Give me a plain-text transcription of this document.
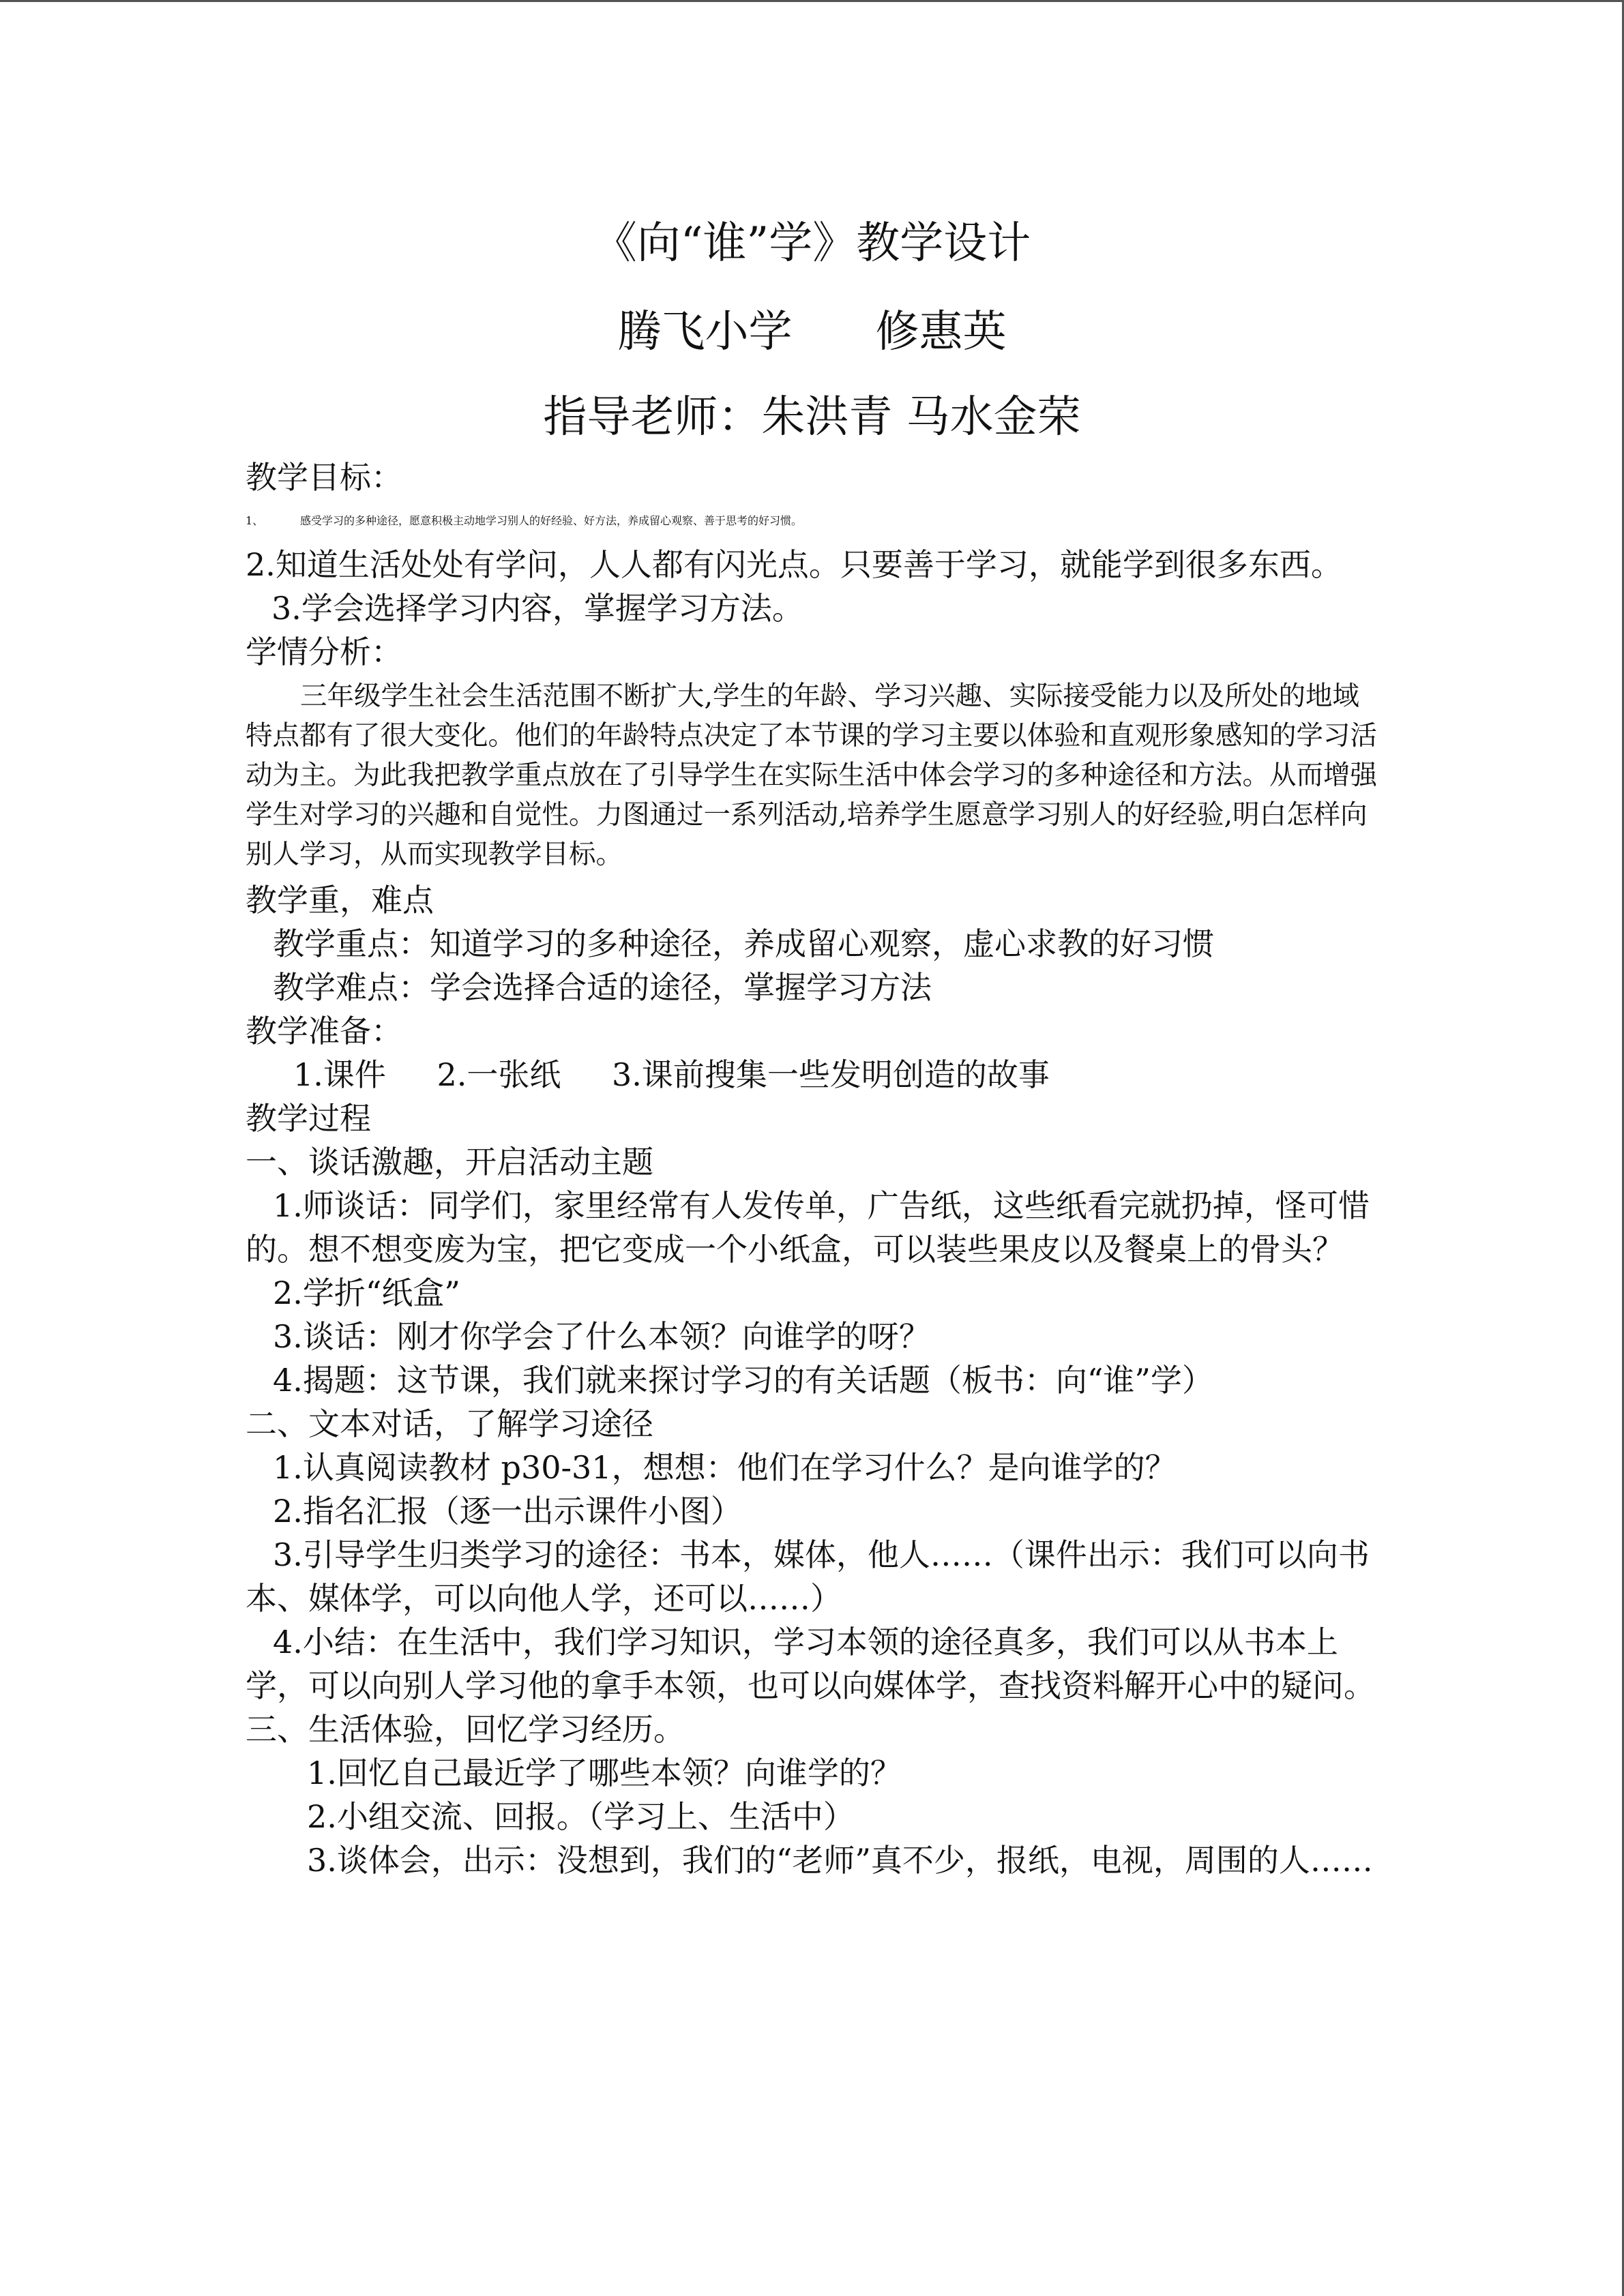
《向“谁”学》教学设计
腾飞小学      修惠英
指导老师：朱洪青 马水金荣
教学目标：
1、	感受学习的多种途径，愿意积极主动地学习别人的好经验、好方法，养成留心观察、善于思考的好习惯。
2.知道生活处处有学问，人人都有闪光点。只要善于学习，就能学到很多东西。
3.学会选择学习内容，掌握学习方法。
学情分析：
三年级学生社会生活范围不断扩大,学生的年龄、学习兴趣、实际接受能力以及所处的地域特点都有了很大变化。他们的年龄特点决定了本节课的学习主要以体验和直观形象感知的学习活动为主。为此我把教学重点放在了引导学生在实际生活中体会学习的多种途径和方法。从而增强学生对学习的兴趣和自觉性。力图通过一系列活动,培养学生愿意学习别人的好经验,明白怎样向别人学习，从而实现教学目标。
教学重，难点
教学重点：知道学习的多种途径，养成留心观察，虚心求教的好习惯
教学难点：学会选择合适的途径，掌握学习方法
教学准备：
1.课件 2.一张纸 3.课前搜集一些发明创造的故事
教学过程
一、谈话激趣，开启活动主题
1.师谈话：同学们，家里经常有人发传单，广告纸，这些纸看完就扔掉，怪可惜的。想不想变废为宝，把它变成一个小纸盒，可以装些果皮以及餐桌上的骨头？
2.学折“纸盒”
3.谈话：刚才你学会了什么本领？向谁学的呀？
4.揭题：这节课，我们就来探讨学习的有关话题（板书：向“谁”学）
二、文本对话，了解学习途径
1.认真阅读教材 p30-31，想想：他们在学习什么？是向谁学的？
2.指名汇报（逐一出示课件小图）
3.引导学生归类学习的途径：书本，媒体，他人……（课件出示：我们可以向书本、媒体学，可以向他人学，还可以……）
4.小结：在生活中，我们学习知识，学习本领的途径真多，我们可以从书本上学，可以向别人学习他的拿手本领，也可以向媒体学，查找资料解开心中的疑问。
三、生活体验，回忆学习经历。
1.回忆自己最近学了哪些本领？向谁学的？
2.小组交流、回报。（学习上、生活中）
3.谈体会，出示：没想到，我们的“老师”真不少，报纸，电视，周围的人……
